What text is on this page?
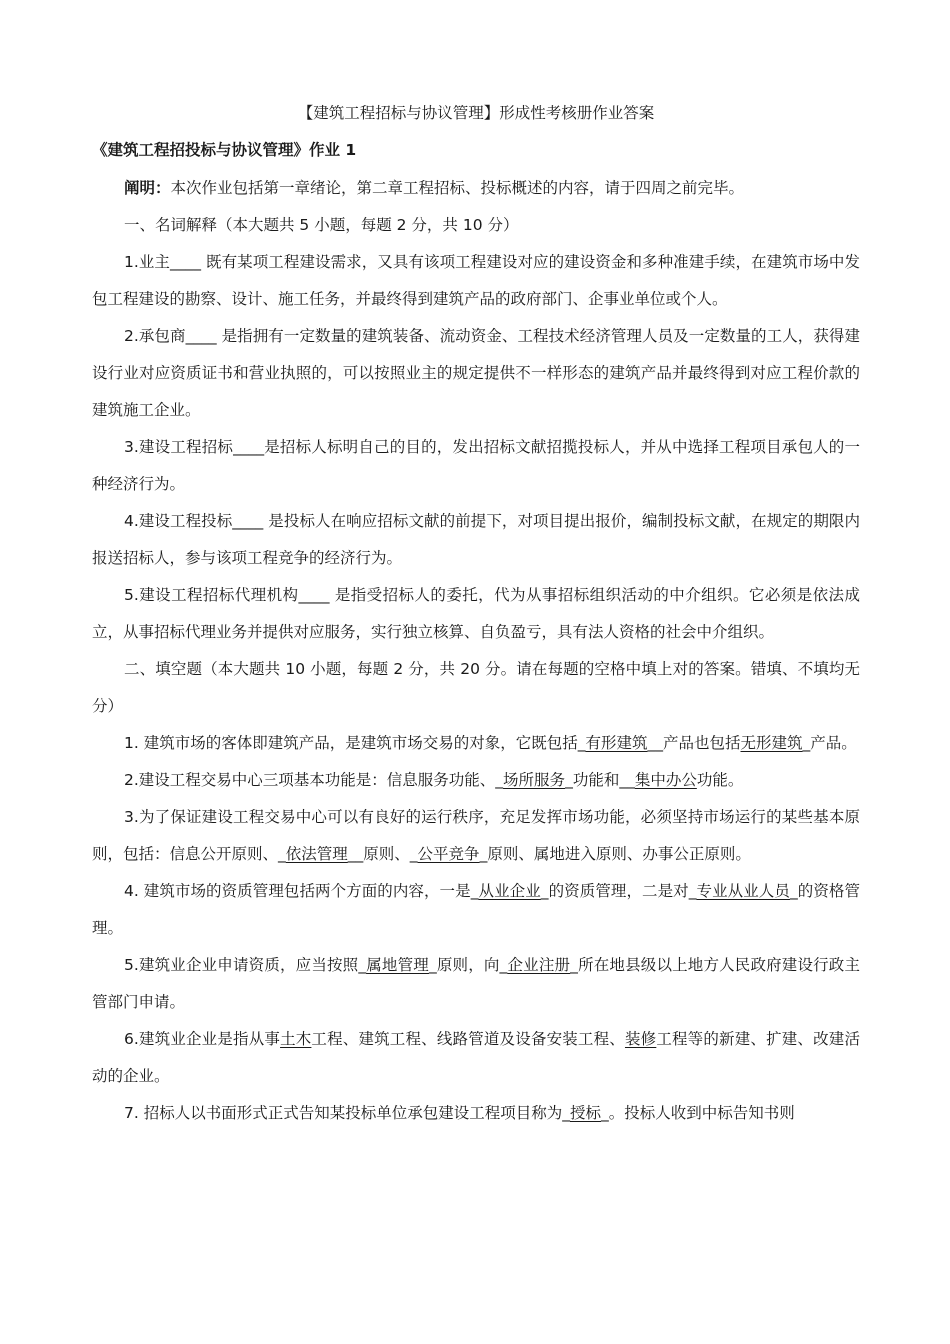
【建筑工程招标与协议管理】形成性考核册作业答案
《建筑工程招投标与协议管理》作业 1
阐明：本次作业包括第一章绪论，第二章工程招标、投标概述的内容，请于四周之前完毕。
一、名词解释（本大题共 5 小题，每题 2 分，共 10 分）
1.业主____ 既有某项工程建设需求，又具有该项工程建设对应的建设资金和多种准建手续，在建筑市场中发包工程建设的勘察、设计、施工任务，并最终得到建筑产品的政府部门、企事业单位或个人。
2.承包商____ 是指拥有一定数量的建筑装备、流动资金、工程技术经济管理人员及一定数量的工人，获得建设行业对应资质证书和营业执照的，可以按照业主的规定提供不一样形态的建筑产品并最终得到对应工程价款的建筑施工企业。
3.建设工程招标____是招标人标明自己的目的，发出招标文献招揽投标人，并从中选择工程项目承包人的一种经济行为。
4.建设工程投标____ 是投标人在响应招标文献的前提下，对项目提出报价，编制投标文献，在规定的期限内报送招标人，参与该项工程竞争的经济行为。
5.建设工程招标代理机构____ 是指受招标人的委托，代为从事招标组织活动的中介组织。它必须是依法成立，从事招标代理业务并提供对应服务，实行独立核算、自负盈亏，具有法人资格的社会中介组织。
二、填空题（本大题共 10 小题，每题 2 分，共 20 分。请在每题的空格中填上对的答案。错填、不填均无分）
1. 建筑市场的客体即建筑产品，是建筑市场交易的对象，它既包括_有形建筑__产品也包括无形建筑_产品。
2.建设工程交易中心三项基本功能是：信息服务功能、_场所服务_功能和__集中办公功能。
3.为了保证建设工程交易中心可以有良好的运行秩序，充足发挥市场功能，必须坚持市场运行的某些基本原则，包括：信息公开原则、_依法管理__原则、_公平竞争_原则、属地进入原则、办事公正原则。
4. 建筑市场的资质管理包括两个方面的内容，一是_从业企业_的资质管理，二是对_专业从业人员_的资格管理。
5.建筑业企业申请资质，应当按照_属地管理_原则，向_企业注册_所在地县级以上地方人民政府建设行政主管部门申请。
6.建筑业企业是指从事土木工程、建筑工程、线路管道及设备安装工程、装修工程等的新建、扩建、改建活动的企业。
7. 招标人以书面形式正式告知某投标单位承包建设工程项目称为_授标_。投标人收到中标告知书则
